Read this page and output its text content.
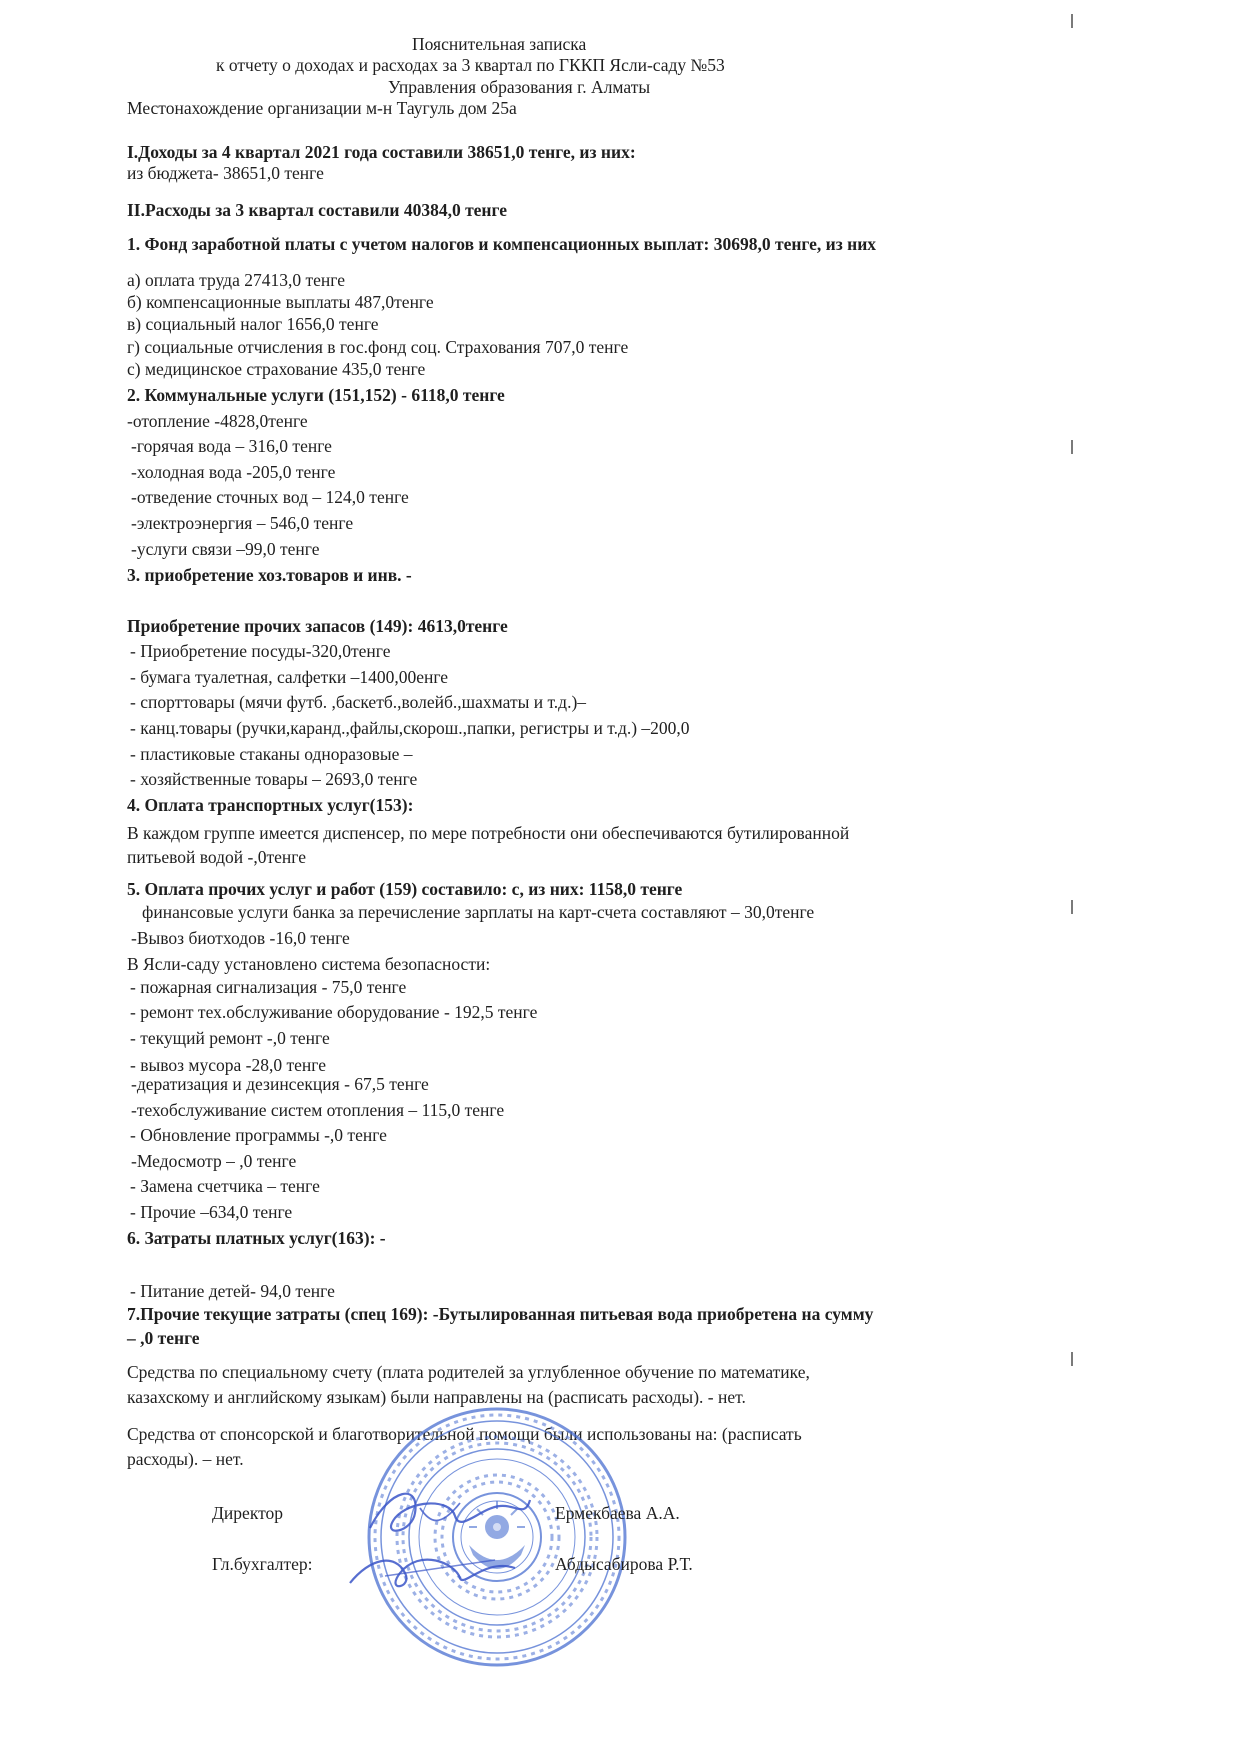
Пояснительная записка
к отчету о доходах и расходах за 3 квартал по ГККП Ясли-саду №53
Управления образования г. Алматы
Местонахождение организации м-н Таугуль дом 25а
I.Доходы за 4 квартал 2021 года составили 38651,0 тенге, из них:
из бюджета- 38651,0 тенге
II.Расходы за 3 квартал составили 40384,0 тенге
1. Фонд заработной платы с учетом налогов и компенсационных выплат: 30698,0 тенге, из них
а) оплата труда 27413,0 тенге
б) компенсационные выплаты 487,0тенге
в) социальный налог 1656,0 тенге
г) социальные отчисления в гос.фонд соц. Страхования 707,0 тенге
с) медицинское страхование 435,0 тенге
2. Коммунальные услуги (151,152) - 6118,0 тенге
-отопление -4828,0тенге
-горячая вода – 316,0 тенге
-холодная вода -205,0 тенге
-отведение сточных вод – 124,0 тенге
-электроэнергия – 546,0 тенге
-услуги связи –99,0 тенге
3. приобретение хоз.товаров и инв. -
Приобретение прочих запасов (149): 4613,0тенге
- Приобретение посуды-320,0тенге
- бумага туалетная, салфетки –1400,00енге
- спорттовары (мячи футб. ,баскетб.,волейб.,шахматы и т.д.)–
- канц.товары (ручки,каранд.,файлы,скорош.,папки, регистры и т.д.) –200,0
- пластиковые стаканы одноразовые –
- хозяйственные товары – 2693,0 тенге
4. Оплата транспортных услуг(153):
В каждом группе имеется диспенсер, по мере потребности они обеспечиваются бутилированной
питьевой водой -,0тенге
5. Оплата прочих услуг и работ (159) составило: с, из них: 1158,0 тенге
финансовые услуги банка за перечисление зарплаты на карт-счета составляют – 30,0тенге
-Вывоз биотходов -16,0 тенге
В Ясли-саду установлено система безопасности:
- пожарная сигнализация - 75,0 тенге
- ремонт тех.обслуживание оборудование - 192,5 тенге
- текущий ремонт -,0 тенге
- вывоз мусора -28,0 тенге
-дератизация и дезинсекция - 67,5 тенге
-техобслуживание систем отопления – 115,0 тенге
- Обновление программы -,0 тенге
-Медосмотр – ,0 тенге
- Замена счетчика – тенге
- Прочие –634,0 тенге
6. Затраты платных услуг(163): -
- Питание детей- 94,0 тенге
7.Прочие текущие затраты (спец 169): -Бутылированная питьевая вода приобретена на сумму
– ,0 тенге
Средства по специальному счету (плата родителей за углубленное обучение по математике,
казахскому и английскому языкам) были направлены на (расписать расходы). - нет.
Средства от спонсорской и благотворительной помощи были использованы на: (расписать
расходы). – нет.
Директор	Ермекбаева А.А.
Гл.бухгалтер:	Абдысабирова Р.Т.
